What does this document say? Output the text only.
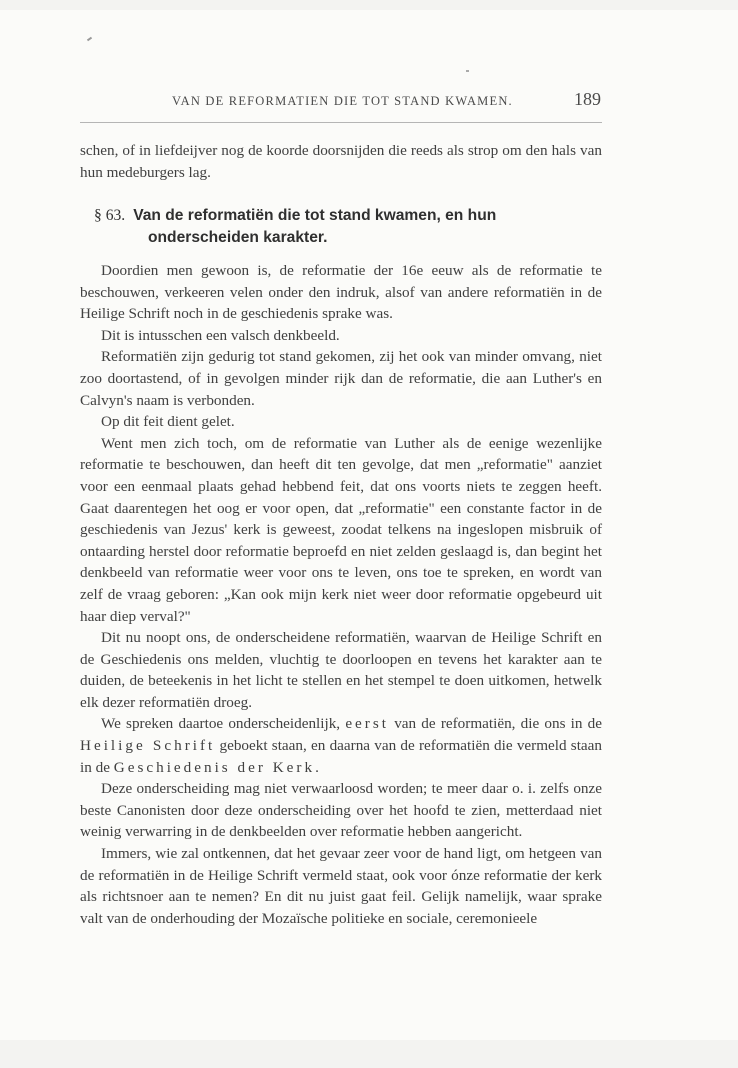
VAN DE REFORMATIEN DIE TOT STAND KWAMEN.	189

schen, of in liefdeijver nog de koorde doorsnijden die reeds als strop om den hals van hun medeburgers lag.

§ 63. Van de reformatiën die tot stand kwamen, en hun
onderscheiden karakter.

Doordien men gewoon is, de reformatie der 16e eeuw als de reformatie te beschouwen, verkeeren velen onder den indruk, alsof van andere reformatiën in de Heilige Schrift noch in de geschiedenis sprake was.

Dit is intusschen een valsch denkbeeld.

Reformatiën zijn gedurig tot stand gekomen, zij het ook van minder omvang, niet zoo doortastend, of in gevolgen minder rijk dan de reformatie, die aan Luther's en Calvyn's naam is verbonden.

Op dit feit dient gelet.

Went men zich toch, om de reformatie van Luther als de eenige wezenlijke reformatie te beschouwen, dan heeft dit ten gevolge, dat men „reformatie" aanziet voor een eenmaal plaats gehad hebbend feit, dat ons voorts niets te zeggen heeft. Gaat daarentegen het oog er voor open, dat „reformatie" een constante factor in de geschiedenis van Jezus' kerk is geweest, zoodat telkens na ingeslopen misbruik of ontaarding herstel door reformatie beproefd en niet zelden geslaagd is, dan begint het denkbeeld van reformatie weer voor ons te leven, ons toe te spreken, en wordt van zelf de vraag geboren: „Kan ook mijn kerk niet weer door reformatie opgebeurd uit haar diep verval?"

Dit nu noopt ons, de onderscheidene reformatiën, waarvan de Heilige Schrift en de Geschiedenis ons melden, vluchtig te doorloopen en tevens het karakter aan te duiden, de beteekenis in het licht te stellen en het stempel te doen uitkomen, hetwelk elk dezer reformatiën droeg.

We spreken daartoe onderscheidenlijk, eerst van de reformatiën, die ons in de Heilige Schrift geboekt staan, en daarna van de reformatiën die vermeld staan in de Geschiedenis der Kerk.

Deze onderscheiding mag niet verwaarloosd worden; te meer daar o. i. zelfs onze beste Canonisten door deze onderscheiding over het hoofd te zien, metterdaad niet weinig verwarring in de denkbeelden over reformatie hebben aangericht.

Immers, wie zal ontkennen, dat het gevaar zeer voor de hand ligt, om hetgeen van de reformatiën in de Heilige Schrift vermeld staat, ook voor ónze reformatie der kerk als richtsnoer aan te nemen? En dit nu juist gaat feil. Gelijk namelijk, waar sprake valt van de onderhouding der Mozaïsche politieke en sociale, ceremonieele
